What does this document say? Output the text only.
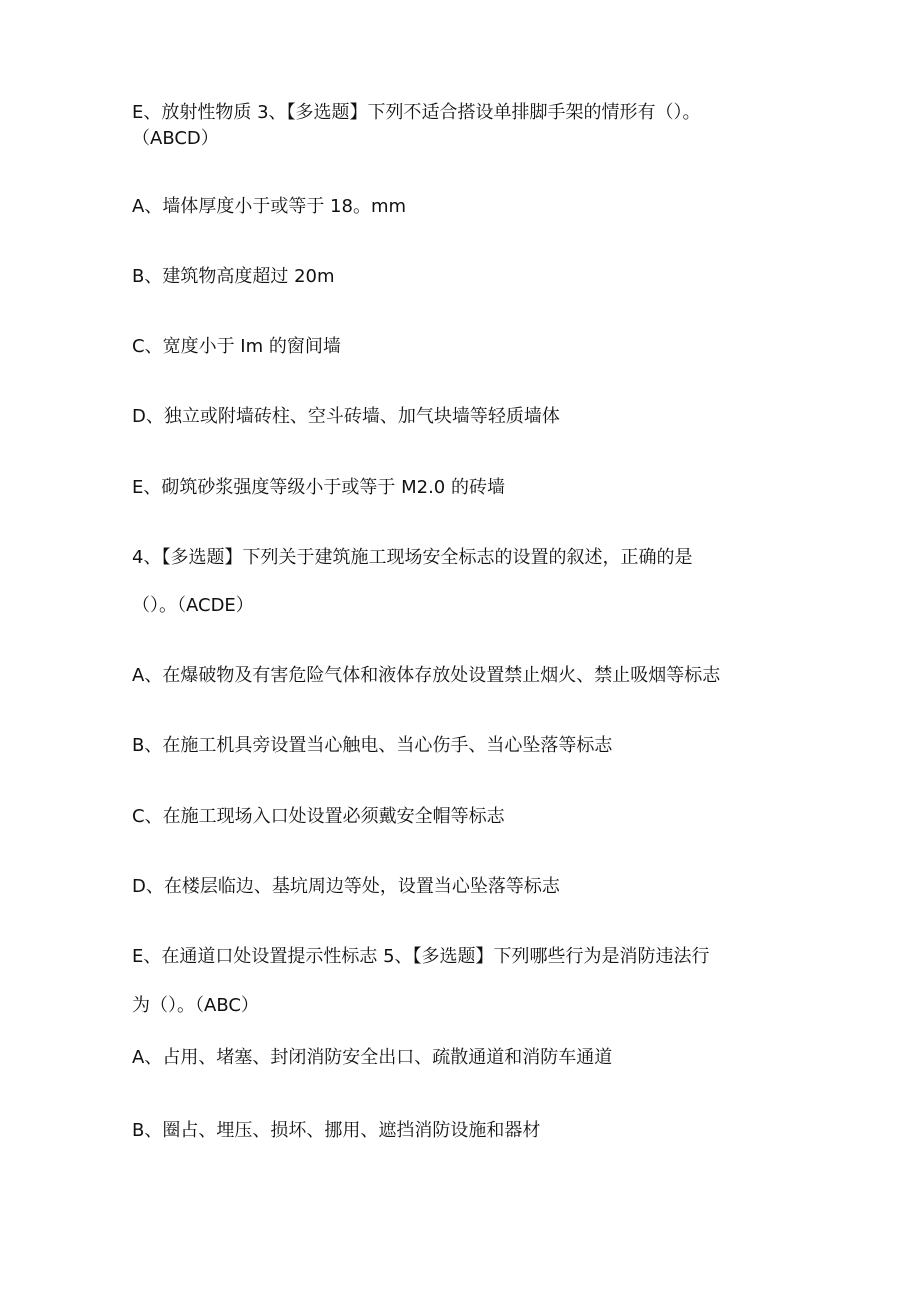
E、放射性物质 3、【多选题】下列不适合搭设单排脚手架的情形有（）。
（ABCD）
A、墙体厚度小于或等于 18。mm
B、建筑物高度超过 20m
C、宽度小于 Im 的窗间墙
D、独立或附墙砖柱、空斗砖墙、加气块墙等轻质墙体
E、砌筑砂浆强度等级小于或等于 M2.0 的砖墙
4、【多选题】下列关于建筑施工现场安全标志的设置的叙述，正确的是
（）。（ACDE）
A、在爆破物及有害危险气体和液体存放处设置禁止烟火、禁止吸烟等标志
B、在施工机具旁设置当心触电、当心伤手、当心坠落等标志
C、在施工现场入口处设置必须戴安全帽等标志
D、在楼层临边、基坑周边等处，设置当心坠落等标志
E、在通道口处设置提示性标志 5、【多选题】下列哪些行为是消防违法行
为（）。（ABC）
A、占用、堵塞、封闭消防安全出口、疏散通道和消防车通道
B、圈占、埋压、损坏、挪用、遮挡消防设施和器材
